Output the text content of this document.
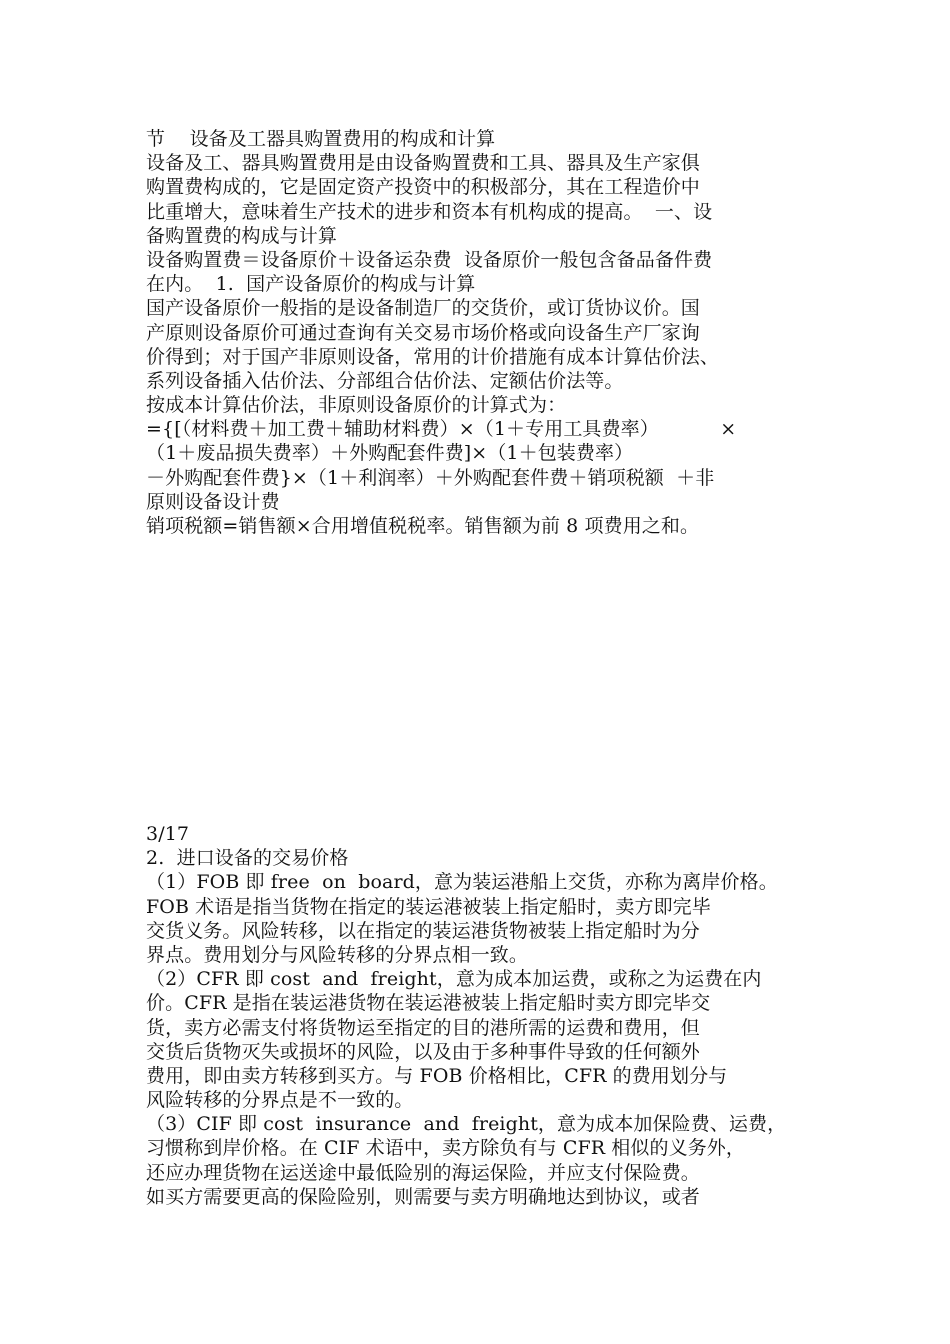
节    设备及工器具购置费用的构成和计算
设备及工、器具购置费用是由设备购置费和工具、器具及生产家俱
购置费构成的，它是固定资产投资中的积极部分，其在工程造价中
比重增大，意味着生产技术的进步和资本有机构成的提高。  一、设
备购置费的构成与计算
设备购置费＝设备原价＋设备运杂费  设备原价一般包含备品备件费
在内。  1.  国产设备原价的构成与计算
国产设备原价一般指的是设备制造厂的交货价，或订货协议价。国
产原则设备原价可通过查询有关交易市场价格或向设备生产厂家询
价得到；对于国产非原则设备，常用的计价措施有成本计算估价法、
系列设备插入估价法、分部组合估价法、定额估价法等。
按成本计算估价法，非原则设备原价的计算式为：
={[（材料费＋加工费＋辅助材料费）×（1＋专用工具费率）          ×
（1＋废品损失费率）＋外购配套件费]×（1＋包装费率）
－外购配套件费}×（1＋利润率）＋外购配套件费＋销项税额  ＋非
原则设备设计费
销项税额=销售额×合用增值税税率。销售额为前 8 项费用之和。
3/17
2.  进口设备的交易价格
（1）FOB 即 free  on  board，意为装运港船上交货，亦称为离岸价格。
FOB 术语是指当货物在指定的装运港被装上指定船时，卖方即完毕
交货义务。风险转移，以在指定的装运港货物被装上指定船时为分
界点。费用划分与风险转移的分界点相一致。
（2）CFR 即 cost  and  freight，意为成本加运费，或称之为运费在内
价。CFR 是指在装运港货物在装运港被装上指定船时卖方即完毕交
货，卖方必需支付将货物运至指定的目的港所需的运费和费用，但
交货后货物灭失或损坏的风险，以及由于多种事件导致的任何额外
费用，即由卖方转移到买方。与 FOB 价格相比，CFR 的费用划分与
风险转移的分界点是不一致的。
（3）CIF 即 cost  insurance  and  freight，意为成本加保险费、运费，
习惯称到岸价格。在 CIF 术语中，卖方除负有与 CFR 相似的义务外，
还应办理货物在运送途中最低险别的海运保险，并应支付保险费。
如买方需要更高的保险险别，则需要与卖方明确地达到协议，或者
